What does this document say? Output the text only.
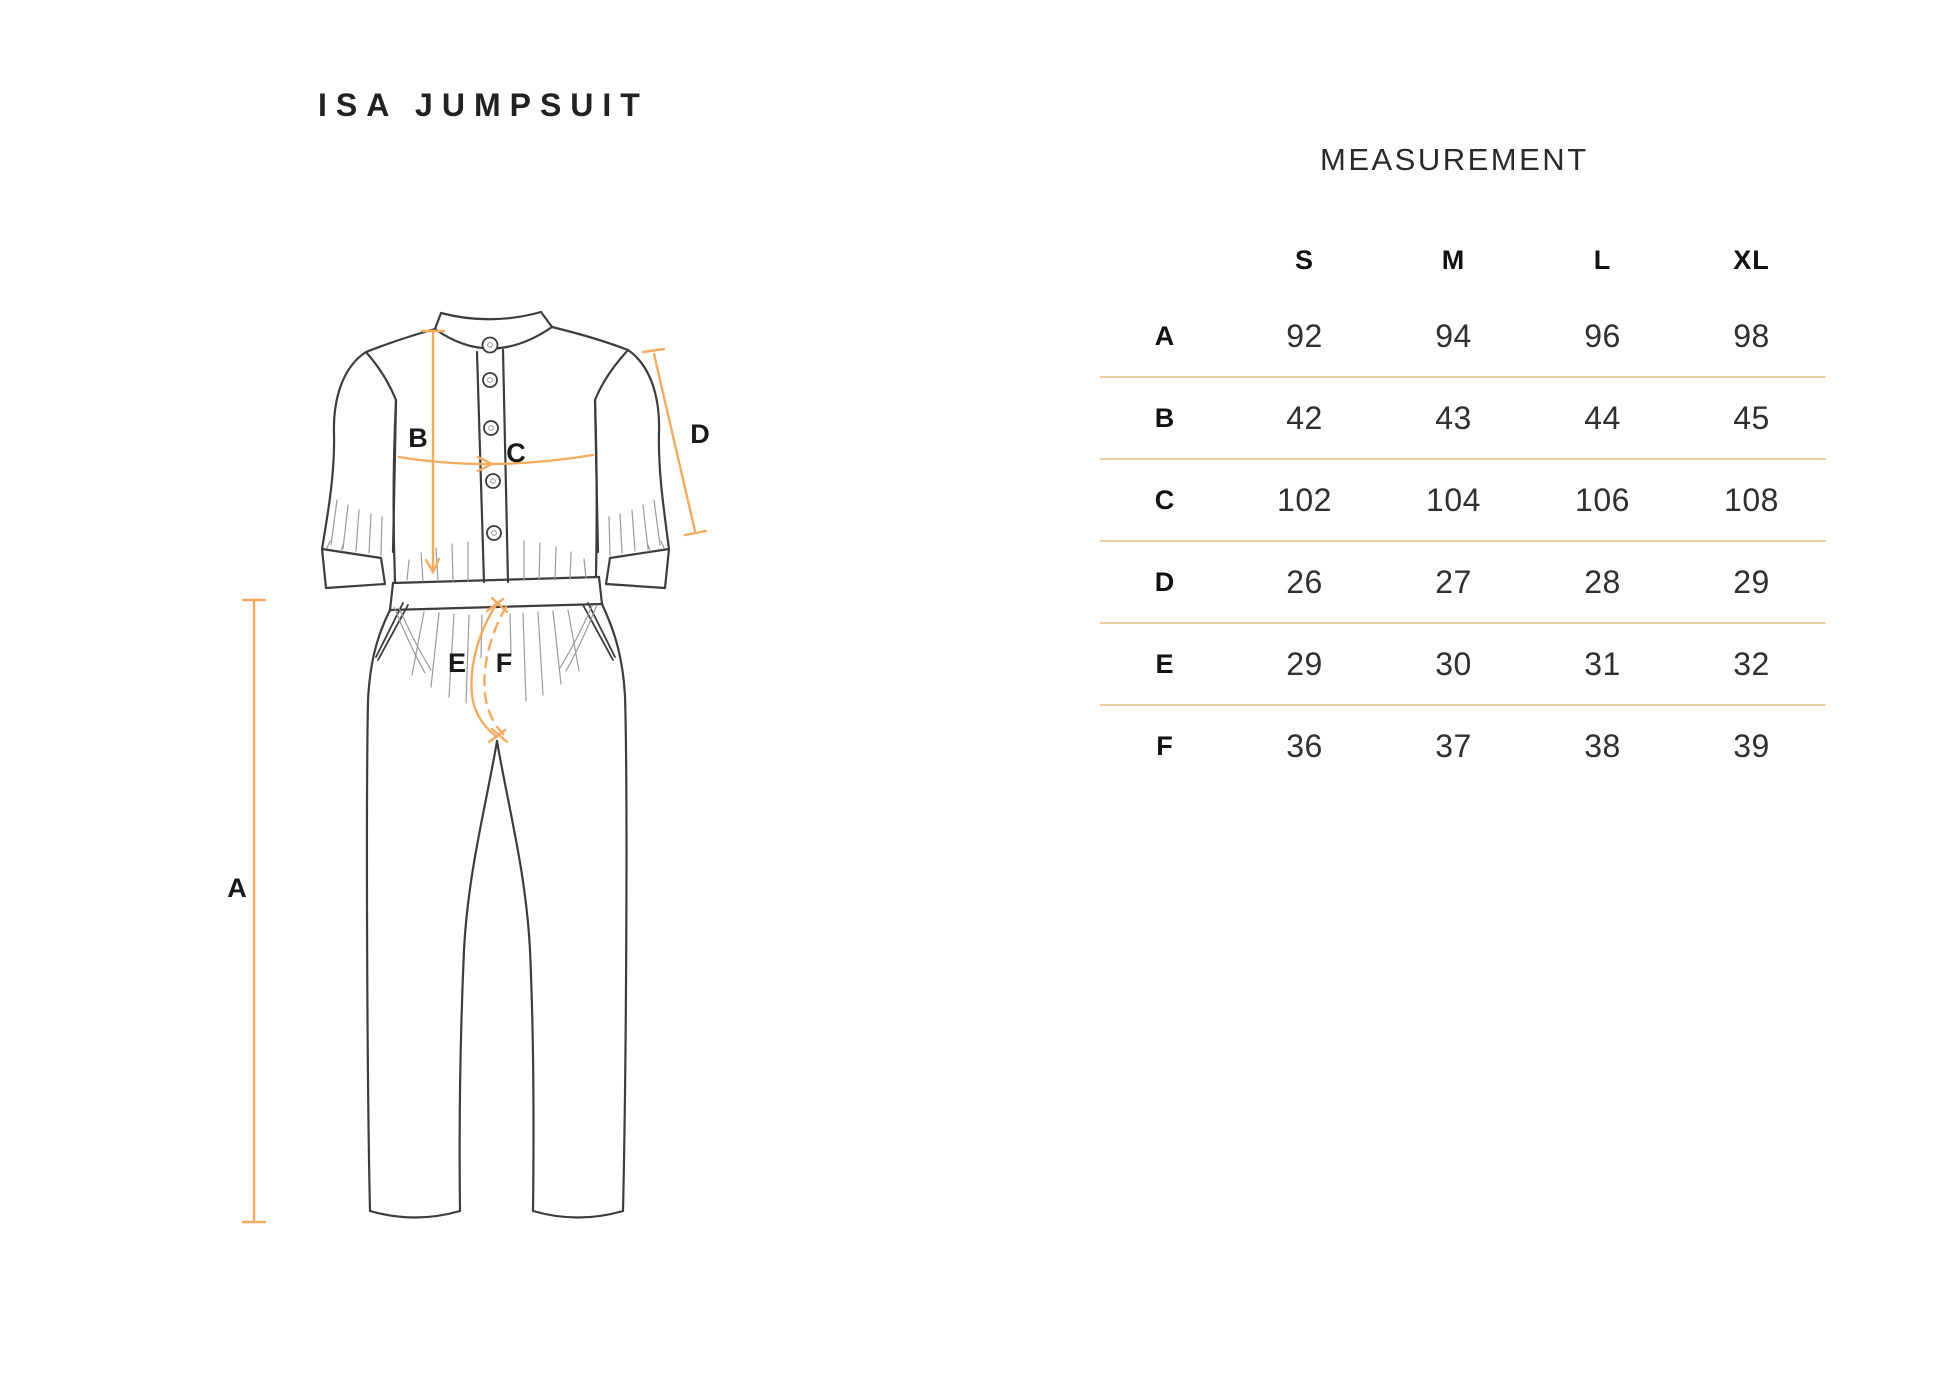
ISA JUMPSUIT
MEASUREMENT
S	M	L	XL
A	92	94	96	98
B	42	43	44	45
C	102	104	106	108
D	26	27	28	29
E	29	30	31	32
F	36	37	38	39
A
B	C
D
E F
